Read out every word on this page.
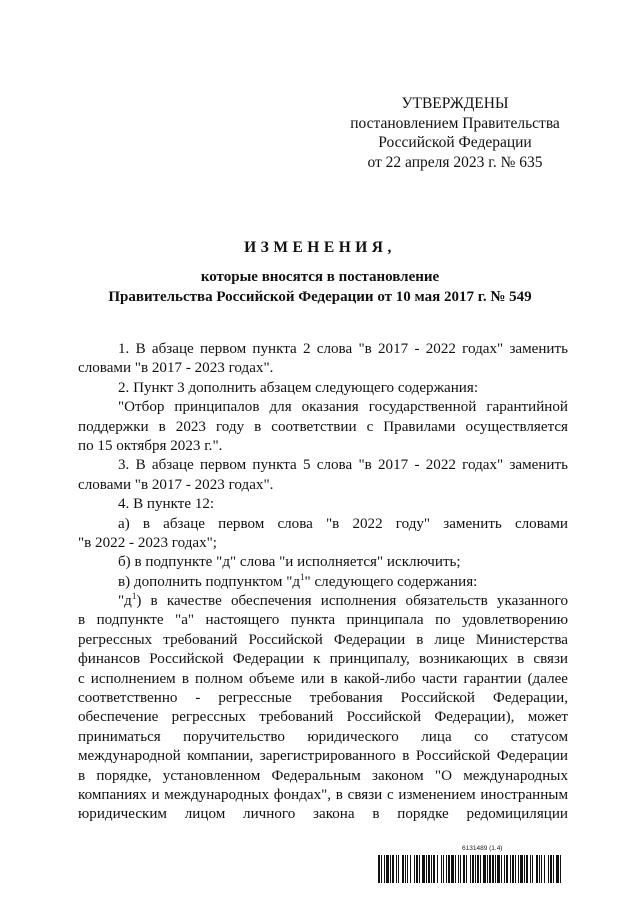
УТВЕРЖДЕНЫ
постановлением Правительства
Российской Федерации
от 22 апреля 2023 г. № 635
ИЗМЕНЕНИЯ,
которые вносятся в постановление
Правительства Российской Федерации от 10 мая 2017 г. № 549
1. В абзаце первом пункта 2 слова "в 2017 - 2022 годах" заменить
словами "в 2017 - 2023 годах".
2. Пункт 3 дополнить абзацем следующего содержания:
"Отбор принципалов для оказания государственной гарантийной
поддержки в 2023 году в соответствии с Правилами осуществляется
по 15 октября 2023 г.".
3. В абзаце первом пункта 5 слова "в 2017 - 2022 годах" заменить
словами "в 2017 - 2023 годах".
4. В пункте 12:
а) в абзаце первом слова "в 2022 году" заменить словами
"в 2022 - 2023 годах";
б) в подпункте "д" слова "и исполняется" исключить;
в) дополнить подпунктом "$д^1$" следующего содержания:
"$д^1$) в качестве обеспечения исполнения обязательств указанного
в подпункте "а" настоящего пункта принципала по удовлетворению
регрессных требований Российской Федерации в лице Министерства
финансов Российской Федерации к принципалу, возникающих в связи
с исполнением в полном объеме или в какой-либо части гарантии (далее
соответственно - регрессные требования Российской Федерации,
обеспечение регрессных требований Российской Федерации), может
приниматься поручительство юридического лица со статусом
международной компании, зарегистрированного в Российской Федерации
в порядке, установленном Федеральным законом "О международных
компаниях и международных фондах", в связи с изменением иностранным
юридическим лицом личного закона в порядке редомициляции
6131489 (1.4)
